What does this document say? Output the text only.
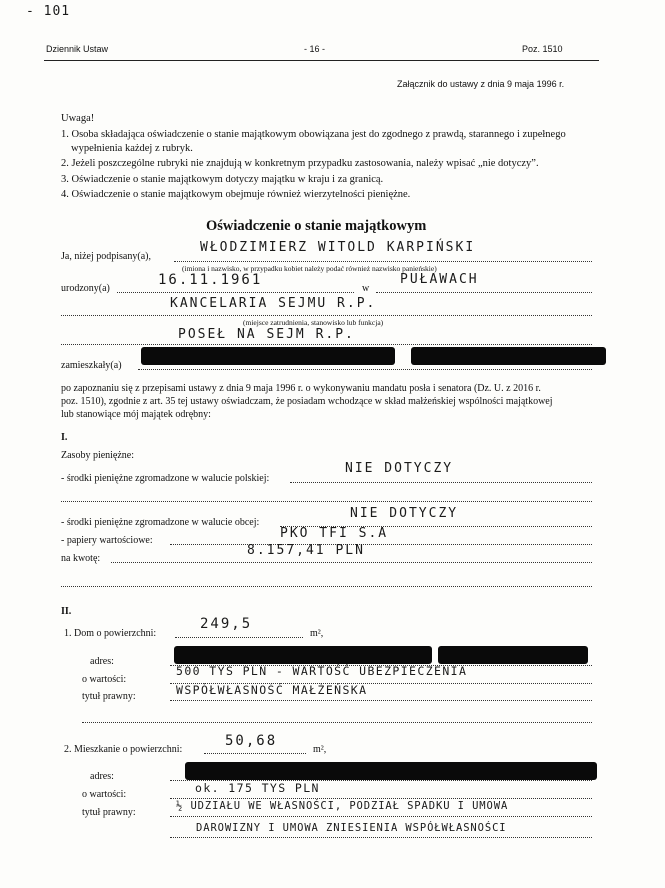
- 101
Dziennik Ustaw	- 16 -	Poz. 1510
Załącznik do ustawy z dnia 9 maja 1996 r.
Uwaga!
1. Osoba składająca oświadczenie o stanie majątkowym obowiązana jest do zgodnego z prawdą, starannego i zupełnego
wypełnienia każdej z rubryk.
2. Jeżeli poszczególne rubryki nie znajdują w konkretnym przypadku zastosowania, należy wpisać „nie dotyczy”.
3. Oświadczenie o stanie majątkowym dotyczy majątku w kraju i za granicą.
4. Oświadczenie o stanie majątkowym obejmuje również wierzytelności pieniężne.
Oświadczenie o stanie majątkowym
Ja, niżej podpisany(a),
WŁODZIMIERZ WITOLD KARPIŃSKI
(imiona i nazwisko, w przypadku kobiet należy podać również nazwisko panieńskie)
urodzony(a)
16.11.1961
w
PUŁAWACH
KANCELARIA SEJMU R.P.
(miejsce zatrudnienia, stanowisko lub funkcja)
POSEŁ NA SEJM R.P.
zamieszkały(a)
po zapoznaniu się z przepisami ustawy z dnia 9 maja 1996 r. o wykonywaniu mandatu posła i senatora (Dz. U. z 2016 r.
poz. 1510), zgodnie z art. 35 tej ustawy oświadczam, że posiadam wchodzące w skład małżeńskiej wspólności majątkowej
lub stanowiące mój majątek odrębny:
I.
Zasoby pieniężne:
- środki pieniężne zgromadzone w walucie polskiej:
NIE DOTYCZY
- środki pieniężne zgromadzone w walucie obcej:
NIE DOTYCZY
- papiery wartościowe:	PKO TFI S.A
na kwotę:
8.157,41 PLN
II.
1. Dom o powierzchni:
249,5
m²,
adres:
o wartości:
500 TYS PLN - WARTOŚĆ UBEZPIECZENIA
tytuł prawny:	WSPÓŁWŁASNOŚĆ MAŁŻEŃSKA
2. Mieszkanie o powierzchni:
50,68
m²,
adres:
o wartości:	ok. 175 TYS PLN
tytuł prawny:
½ UDZIAŁU WE WŁASNOŚCI, PODZIAŁ SPADKU I UMOWA
DAROWIZNY I UMOWA ZNIESIENIA WSPÓŁWŁASNOŚCI
